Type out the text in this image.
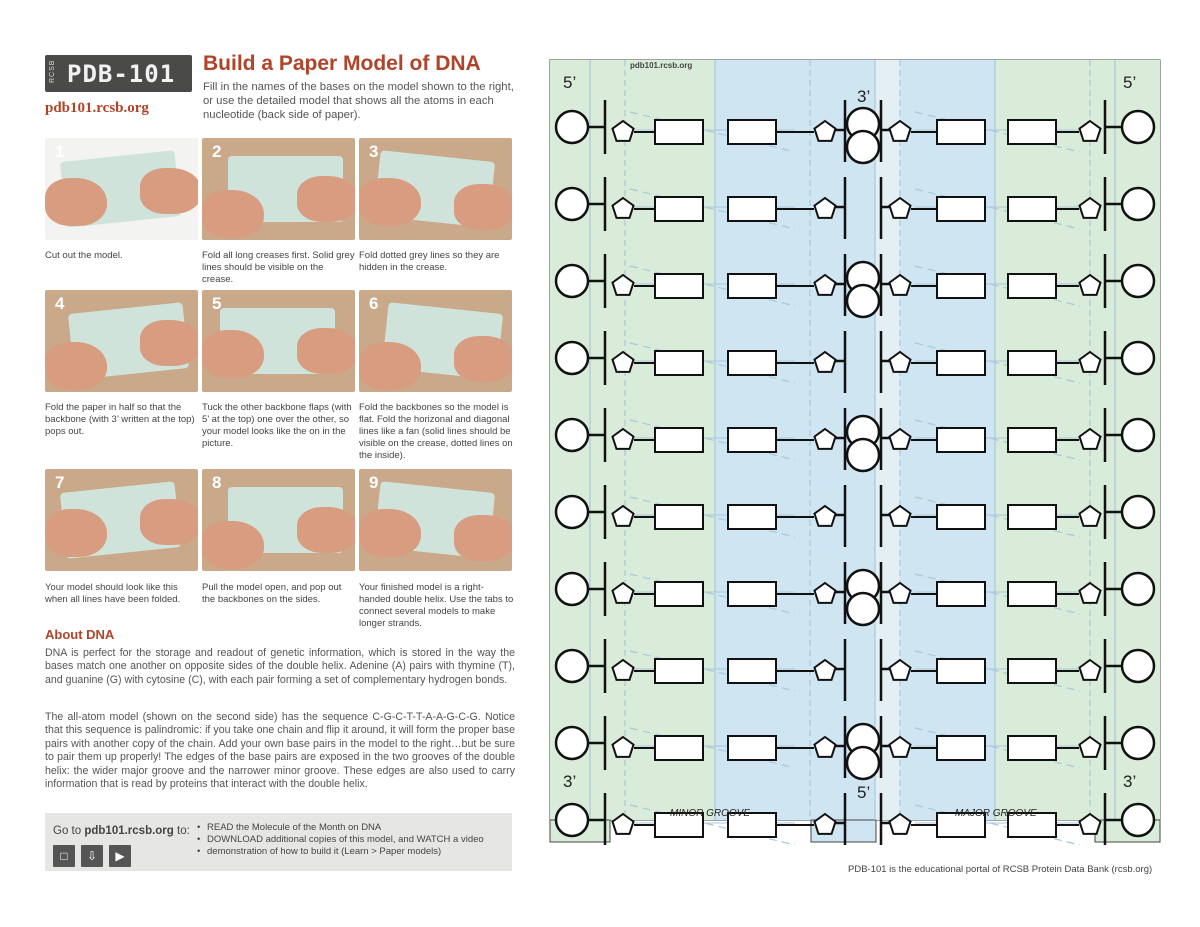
RCSB PDB-101
pdb101.rcsb.org
Build a Paper Model of DNA
Fill in the names of the bases on the model shown to the right, or use the detailed model that shows all the atoms in each nucleotide (back side of paper).
1
Cut out the model.
2
Fold all long creases first. Solid grey lines should be visible on the crease.
3
Fold dotted grey lines so they are hidden in the crease.
4
Fold the paper in half so that the backbone (with 3’ written at the top) pops out.
5
Tuck the other backbone flaps (with 5’ at the top) one over the other, so your model looks like the on in the picture.
6
Fold the backbones so the model is flat. Fold the horizonal and diagonal lines like a fan (solid lines should be visible on the crease, dotted lines on the inside).
7
Your model should look like this when all lines have been folded.
8
Pull the model open, and pop out the backbones on the sides.
9
Your finished model is a right-handed double helix. Use the tabs to connect several models to make longer strands.
About DNA
DNA is perfect for the storage and readout of genetic information, which is stored in the way the bases match one another on opposite sides of the double helix. Adenine (A) pairs with thymine (T), and guanine (G) with cytosine (C), with each pair forming a set of complementary hydrogen bonds.
The all-atom model (shown on the second side) has the sequence C-G-C-T-T-A-A-G-C-G. Notice that this sequence is palindromic: if you take one chain and flip it around, it will form the proper base pairs with another copy of the chain. Add your own base pairs in the model to the right…but be sure to pair them up properly! The edges of the base pairs are exposed in the two grooves of the double helix: the wider major groove and the narrower minor groove. These edges are also used to carry information that is read by proteins that interact with the double helix.
Go to pdb101.rcsb.org to:
□	⇩	▶
• READ the Molecule of the Month on DNA
• DOWNLOAD additional copies of this model, and WATCH a video
• demonstration of how to build it (Learn > Paper models)
5’
3’
5’
3’
5’
3’
MINOR GROOVE	MAJOR GROOVE
pdb101.rcsb.org
PDB-101 is the educational portal of RCSB Protein Data Bank (rcsb.org)
